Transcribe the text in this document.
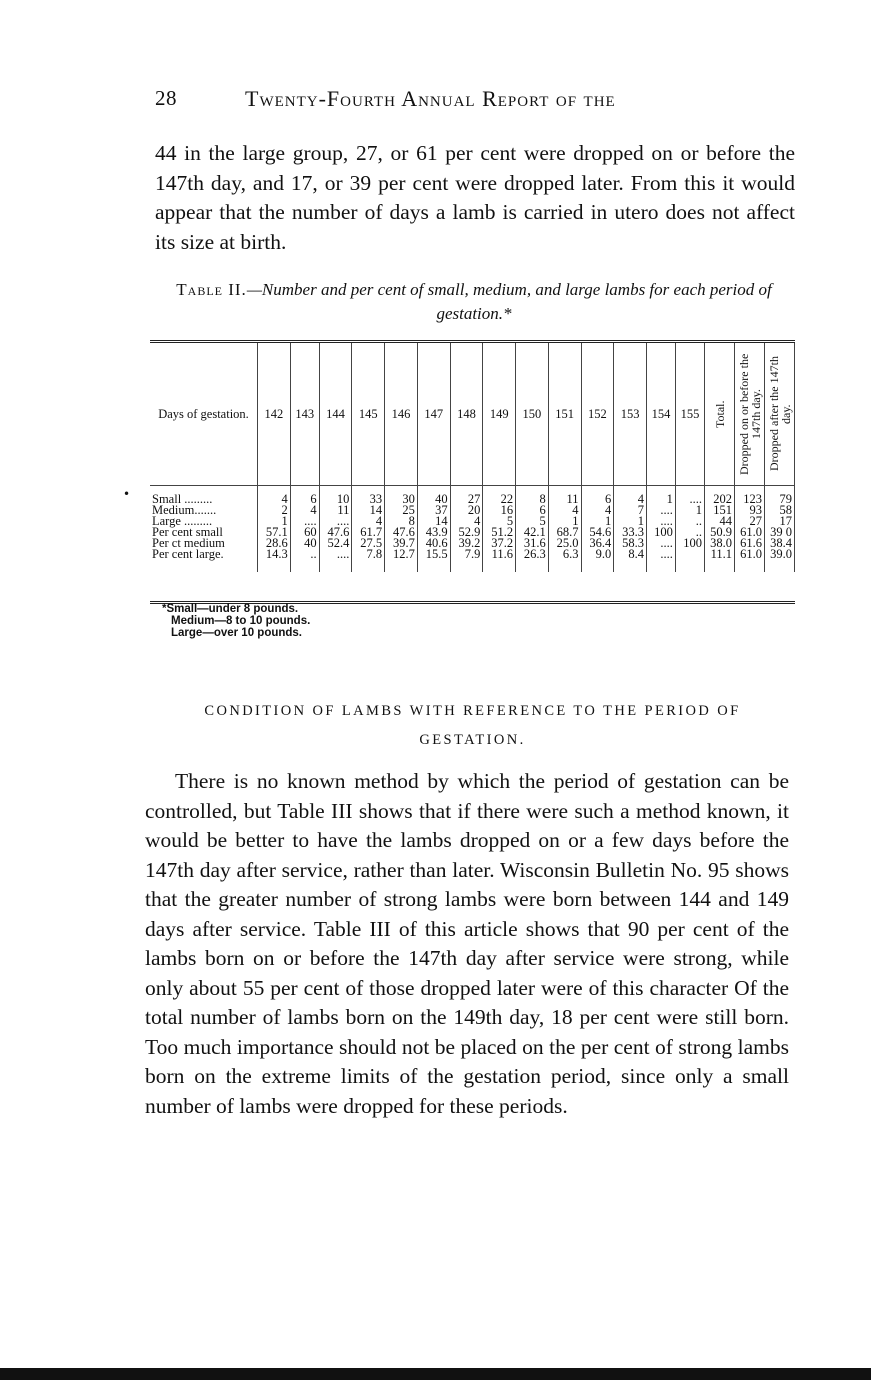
28	Twenty-Fourth Annual Report of the
44 in the large group, 27, or 61 per cent were dropped on or before the 147th day, and 17, or 39 per cent were dropped later. From this it would appear that the number of days a lamb is carried in utero does not affect its size at birth.
Table II.—Number and per cent of small, medium, and large lambs for each period of gestation.*
•
Days of gestation.	142	143	144	145	146	147	148	149	150	151	152	153	154	155	Total.	Dropped on or before the 147th day.	Dropped after the 147th day.

Small .........	4	6	10	33	30	40	27	22	8	11	6	4	1	....	202	123	79
Medium.......	2	4	11	14	25	37	20	16	6	4	4	7	....	1	151	93	58
Large .........	1	....	....	4	8	14	4	5	5	1	1	1	....	..	44	27	17
Per cent small	57.1	60	47.6	61.7	47.6	43.9	52.9	51.2	42.1	68.7	54.6	33.3	100	..	50.9	61.0	39 0
Per ct medium	28.6	40	52.4	27.5	39.7	40.6	39.2	37.2	31.6	25.0	36.4	58.3	....	100	38.0	61.6	38.4
Per cent large.	14.3	..	....	7.8	12.7	15.5	7.9	11.6	26.3	6.3	9.0	8.4	....		11.1	61.0	39.0
*Small—under 8 pounds.
Medium—8 to 10 pounds.
Large—over 10 pounds.
CONDITION OF LAMBS WITH REFERENCE TO THE PERIOD OF GESTATION.
There is no known method by which the period of gestation can be controlled, but Table III shows that if there were such a method known, it would be better to have the lambs dropped on or a few days before the 147th day after service, rather than later. Wisconsin Bulletin No. 95 shows that the greater number of strong lambs were born between 144 and 149 days after service. Table III of this article shows that 90 per cent of the lambs born on or before the 147th day after service were strong, while only about 55 per cent of those dropped later were of this character Of the total number of lambs born on the 149th day, 18 per cent were still born. Too much importance should not be placed on the per cent of strong lambs born on the extreme limits of the gestation period, since only a small number of lambs were dropped for these periods.
